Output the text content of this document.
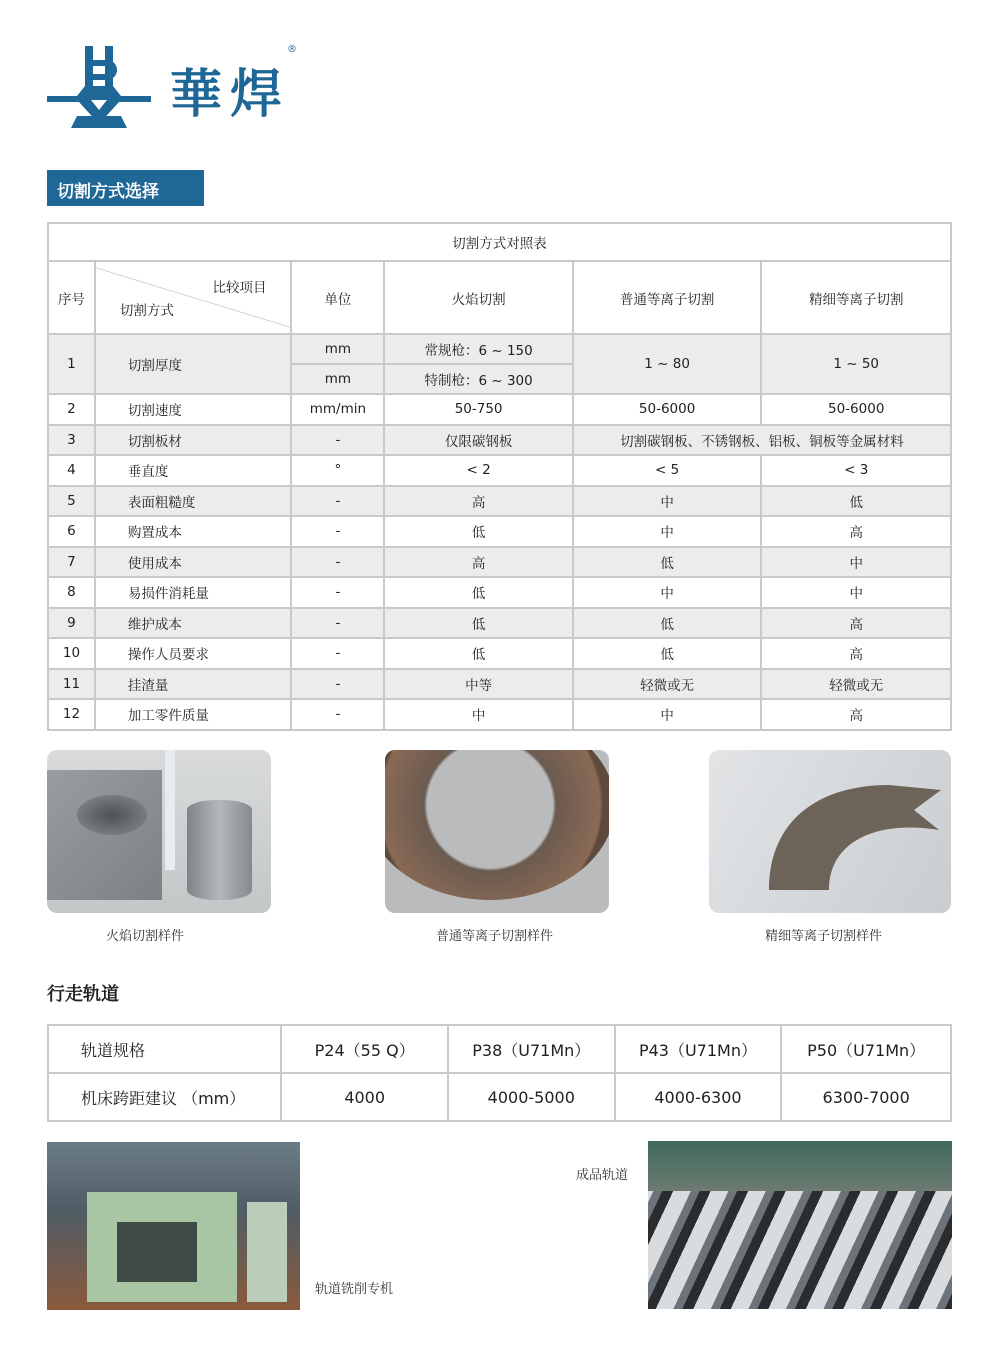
華焊
®
切割方式选择
切割方式对照表					
序号	比较项目
切割方式	单位	火焰切割	普通等离子切割	精细等离子切割
1	切割厚度	mm	常规枪：6 ~ 150	1 ~ 80	1 ~ 50
		mm	特制枪：6 ~ 300		
2	切割速度	mm/min	50-750	50-6000	50-6000
3	切割板材	-	仅限碳钢板	切割碳钢板、不锈钢板、铝板、铜板等金属材料	
4	垂直度	°	< 2	< 5	< 3
5	表面粗糙度	-	高	中	低
6	购置成本	-	低	中	高
7	使用成本	-	高	低	中
8	易损件消耗量	-	低	中	中
9	维护成本	-	低	低	高
10	操作人员要求	-	低	低	高
11	挂渣量	-	中等	轻微或无	轻微或无
12	加工零件质量	-	中	中	高
火焰切割样件	普通等离子切割样件	精细等离子切割样件
行走轨道
轨道规格	P24（55 Q）	P38（U71Mn）	P43（U71Mn）	P50（U71Mn）
机床跨距建议 （mm）	4000	4000-5000	4000-6300	6300-7000
轨道铣削专机
成品轨道
